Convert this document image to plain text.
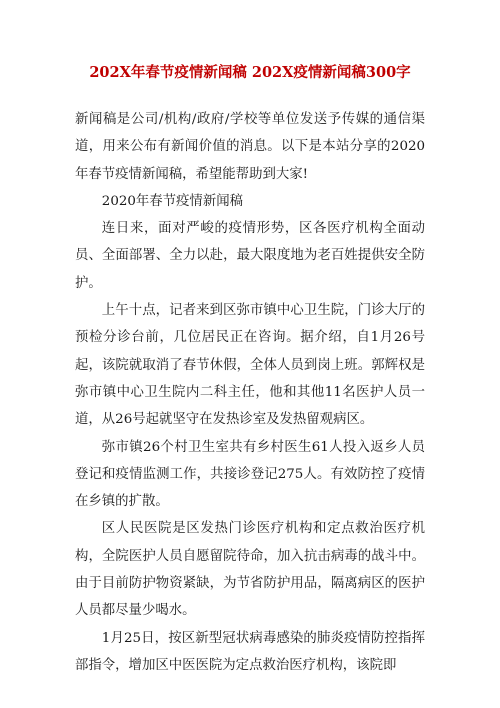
202X年春节疫情新闻稿 202X疫情新闻稿300字

新闻稿是公司/机构/政府/学校等单位发送予传媒的通信渠道，用来公布有新闻价值的消息。以下是本站分享的2020年春节疫情新闻稿，希望能帮助到大家!

2020年春节疫情新闻稿

连日来，面对严峻的疫情形势，区各医疗机构全面动员、全面部署、全力以赴，最大限度地为老百姓提供安全防护。

上午十点，记者来到区弥市镇中心卫生院，门诊大厅的预检分诊台前，几位居民正在咨询。据介绍，自1月26号起，该院就取消了春节休假，全体人员到岗上班。郭辉权是弥市镇中心卫生院内二科主任，他和其他11名医护人员一道，从26号起就坚守在发热诊室及发热留观病区。

弥市镇26个村卫生室共有乡村医生61人投入返乡人员登记和疫情监测工作，共接诊登记275人。有效防控了疫情在乡镇的扩散。

区人民医院是区发热门诊医疗机构和定点救治医疗机构，全院医护人员自愿留院待命，加入抗击病毒的战斗中。由于目前防护物资紧缺，为节省防护用品，隔离病区的医护人员都尽量少喝水。

1月25日，按区新型冠状病毒感染的肺炎疫情防控指挥部指令，增加区中医医院为定点救治医疗机构，该院即
